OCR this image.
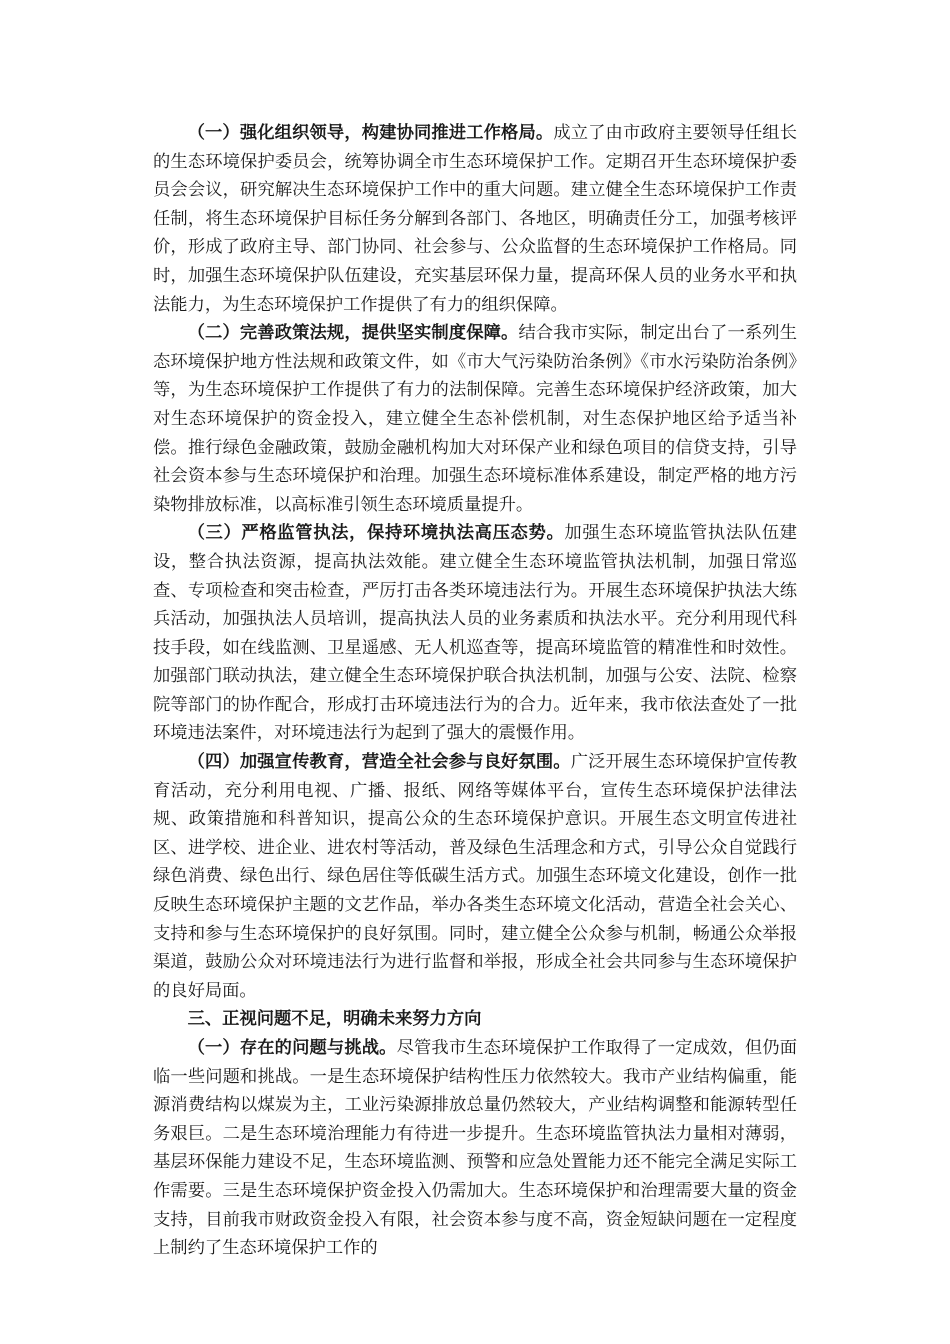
（一）强化组织领导，构建协同推进工作格局。成立了由市政府主要领导任组长的生态环境保护委员会，统筹协调全市生态环境保护工作。定期召开生态环境保护委员会会议，研究解决生态环境保护工作中的重大问题。建立健全生态环境保护工作责任制，将生态环境保护目标任务分解到各部门、各地区，明确责任分工，加强考核评价，形成了政府主导、部门协同、社会参与、公众监督的生态环境保护工作格局。同时，加强生态环境保护队伍建设，充实基层环保力量，提高环保人员的业务水平和执法能力，为生态环境保护工作提供了有力的组织保障。

（二）完善政策法规，提供坚实制度保障。结合我市实际，制定出台了一系列生态环境保护地方性法规和政策文件，如《市大气污染防治条例》《市水污染防治条例》等，为生态环境保护工作提供了有力的法制保障。完善生态环境保护经济政策，加大对生态环境保护的资金投入，建立健全生态补偿机制，对生态保护地区给予适当补偿。推行绿色金融政策，鼓励金融机构加大对环保产业和绿色项目的信贷支持，引导社会资本参与生态环境保护和治理。加强生态环境标准体系建设，制定严格的地方污染物排放标准，以高标准引领生态环境质量提升。

（三）严格监管执法，保持环境执法高压态势。加强生态环境监管执法队伍建设，整合执法资源，提高执法效能。建立健全生态环境监管执法机制，加强日常巡查、专项检查和突击检查，严厉打击各类环境违法行为。开展生态环境保护执法大练兵活动，加强执法人员培训，提高执法人员的业务素质和执法水平。充分利用现代科技手段，如在线监测、卫星遥感、无人机巡查等，提高环境监管的精准性和时效性。加强部门联动执法，建立健全生态环境保护联合执法机制，加强与公安、法院、检察院等部门的协作配合，形成打击环境违法行为的合力。近年来，我市依法查处了一批环境违法案件，对环境违法行为起到了强大的震慑作用。

（四）加强宣传教育，营造全社会参与良好氛围。广泛开展生态环境保护宣传教育活动，充分利用电视、广播、报纸、网络等媒体平台，宣传生态环境保护法律法规、政策措施和科普知识，提高公众的生态环境保护意识。开展生态文明宣传进社区、进学校、进企业、进农村等活动，普及绿色生活理念和方式，引导公众自觉践行绿色消费、绿色出行、绿色居住等低碳生活方式。加强生态环境文化建设，创作一批反映生态环境保护主题的文艺作品，举办各类生态环境文化活动，营造全社会关心、支持和参与生态环境保护的良好氛围。同时，建立健全公众参与机制，畅通公众举报渠道，鼓励公众对环境违法行为进行监督和举报，形成全社会共同参与生态环境保护的良好局面。

三、正视问题不足，明确未来努力方向

（一）存在的问题与挑战。尽管我市生态环境保护工作取得了一定成效，但仍面临一些问题和挑战。一是生态环境保护结构性压力依然较大。我市产业结构偏重，能源消费结构以煤炭为主，工业污染源排放总量仍然较大，产业结构调整和能源转型任务艰巨。二是生态环境治理能力有待进一步提升。生态环境监管执法力量相对薄弱，基层环保能力建设不足，生态环境监测、预警和应急处置能力还不能完全满足实际工作需要。三是生态环境保护资金投入仍需加大。生态环境保护和治理需要大量的资金支持，目前我市财政资金投入有限，社会资本参与度不高，资金短缺问题在一定程度上制约了生态环境保护工作的
